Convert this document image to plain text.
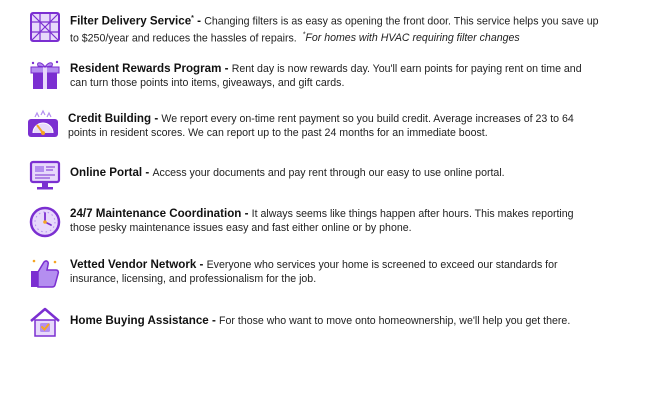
Filter Delivery Service* - Changing filters is as easy as opening the front door. This service helps you save up to $250/year and reduces the hassles of repairs. *For homes with HVAC requiring filter changes
Resident Rewards Program - Rent day is now rewards day. You'll earn points for paying rent on time and can turn those points into items, giveaways, and gift cards.
Credit Building - We report every on-time rent payment so you build credit. Average increases of 23 to 64 points in resident scores. We can report up to the past 24 months for an immediate boost.
Online Portal - Access your documents and pay rent through our easy to use online portal.
24/7 Maintenance Coordination - It always seems like things happen after hours. This makes reporting those pesky maintenance issues easy and fast either online or by phone.
Vetted Vendor Network - Everyone who services your home is screened to exceed our standards for insurance, licensing, and professionalism for the job.
Home Buying Assistance - For those who want to move onto homeownership, we'll help you get there.
